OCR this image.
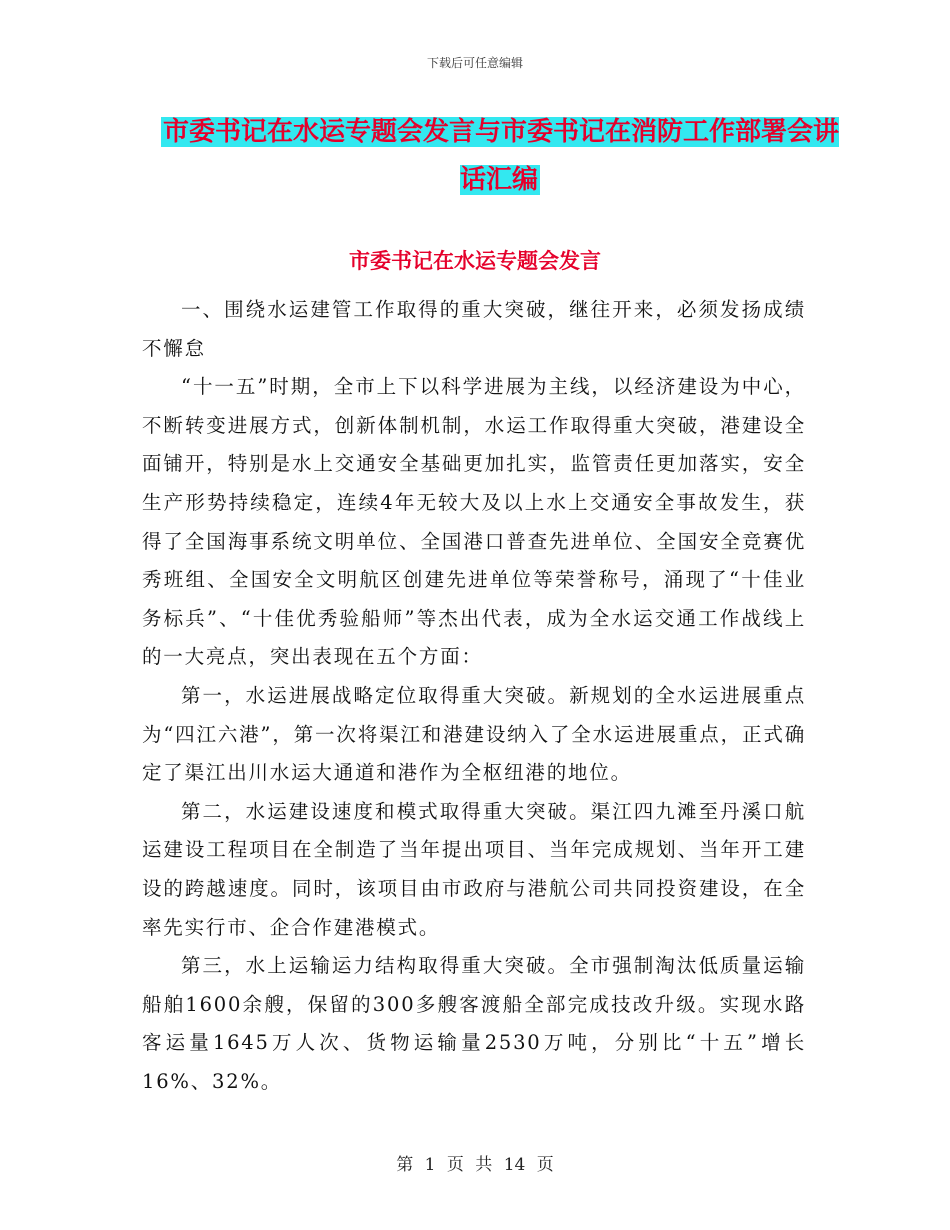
下载后可任意编辑
市委书记在水运专题会发言与市委书记在消防工作部署会讲话汇编
市委书记在水运专题会发言

一、围绕水运建管工作取得的重大突破，继往开来，必须发扬成绩不懈怠

“十一五”时期，全市上下以科学进展为主线，以经济建设为中心，不断转变进展方式，创新体制机制，水运工作取得重大突破，港建设全面铺开，特别是水上交通安全基础更加扎实，监管责任更加落实，安全生产形势持续稳定，连续4年无较大及以上水上交通安全事故发生，获得了全国海事系统文明单位、全国港口普查先进单位、全国安全竞赛优秀班组、全国安全文明航区创建先进单位等荣誉称号，涌现了“十佳业务标兵”、“十佳优秀验船师”等杰出代表，成为全水运交通工作战线上的一大亮点，突出表现在五个方面：

第一，水运进展战略定位取得重大突破。新规划的全水运进展重点为“四江六港”，第一次将渠江和港建设纳入了全水运进展重点，正式确定了渠江出川水运大通道和港作为全枢纽港的地位。

第二，水运建设速度和模式取得重大突破。渠江四九滩至丹溪口航运建设工程项目在全制造了当年提出项目、当年完成规划、当年开工建设的跨越速度。同时，该项目由市政府与港航公司共同投资建设，在全率先实行市、企合作建港模式。

第三，水上运输运力结构取得重大突破。全市强制淘汰低质量运输船舶1600余艘，保留的300多艘客渡船全部完成技改升级。实现水路客运量1645万人次、货物运输量2530万吨，分别比“十五”增长16%、32%。

第 1 页 共 14 页
